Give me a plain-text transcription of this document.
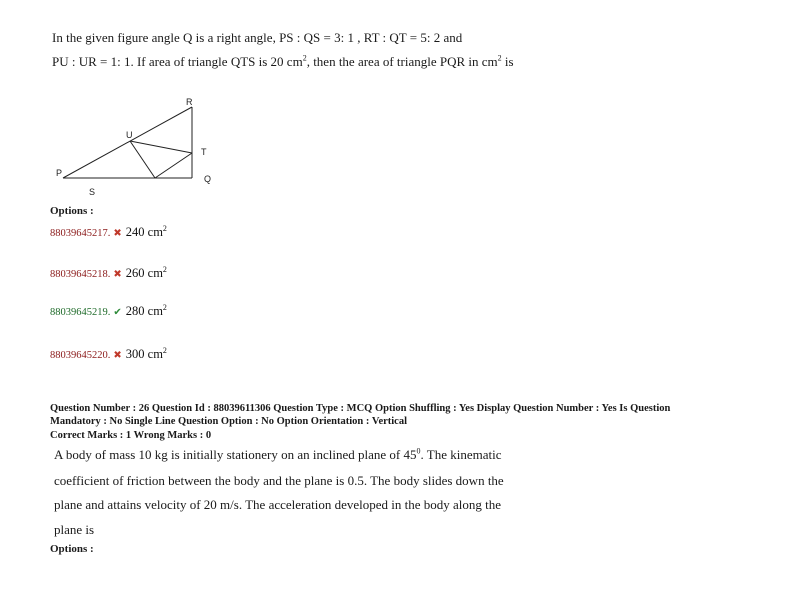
In the given figure angle Q is a right angle, PS : QS = 3: 1 , RT : QT = 5: 2 and
PU : UR = 1: 1. If area of triangle QTS is 20 $cm^2$, then the area of triangle PQR in $cm^2$ is
R
U
T
P
Q
S
Options :
88039645217. ✖ 240 $cm^2$
88039645218. ✖ 260 $cm^2$
88039645219. ✔ 280 $cm^2$
88039645220. ✖ 300 $cm^2$
Question Number : 26 Question Id : 88039611306 Question Type : MCQ Option Shuffling : Yes Display Question Number : Yes Is Question
Mandatory : No Single Line Question Option : No Option Orientation : Vertical
Correct Marks : 1 Wrong Marks : 0
A body of mass 10 kg is initially stationery on an inclined plane of $45^0$. The kinematic
coefficient of friction between the body and the plane is 0.5. The body slides down the
plane and attains velocity of 20 m/s. The acceleration developed in the body along the
plane is
Options :
